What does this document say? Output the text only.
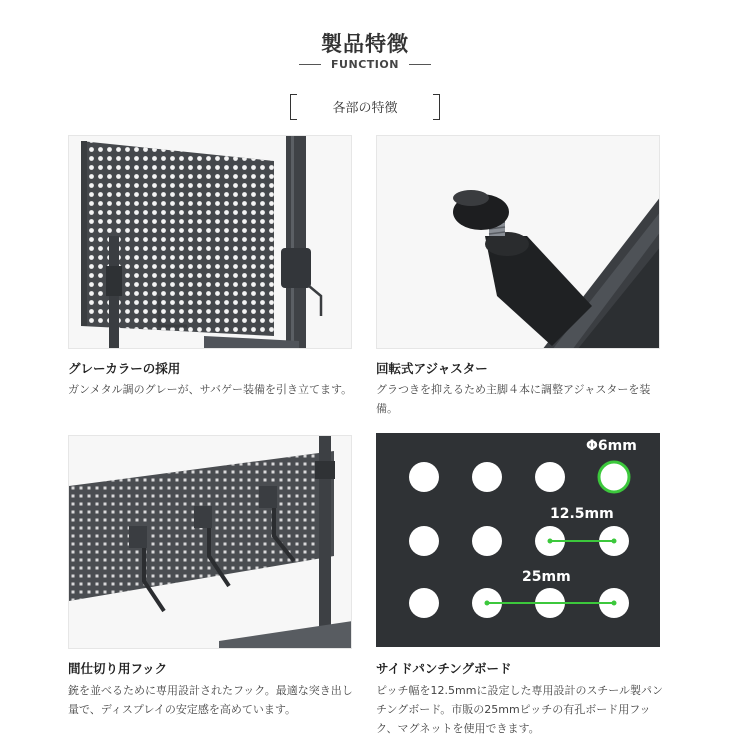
製品特徴
FUNCTION
各部の特徴
グレーカラーの採用
ガンメタル調のグレーが、サバゲー装備を引き立てます。
回転式アジャスター
グラつきを抑えるため主脚４本に調整アジャスターを装備。
間仕切り用フック
銃を並べるために専用設計されたフック。最適な突き出し量で、ディスプレイの安定感を高めています。
Φ6mm
12.5mm
25mm
サイドパンチングボード
ピッチ幅を12.5mmに設定した専用設計のスチール製パンチングボード。市販の25mmピッチの有孔ボード用フック、マグネットを使用できます。
